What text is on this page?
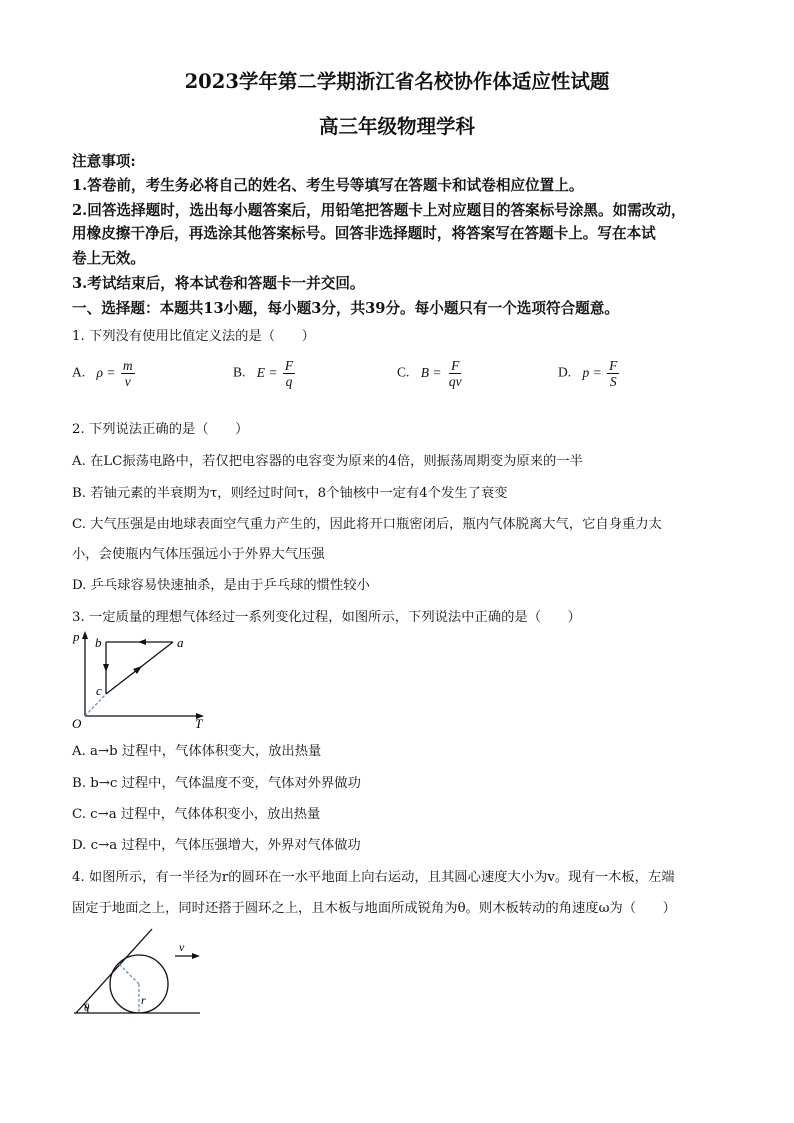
2023学年第二学期浙江省名校协作体适应性试题
高三年级物理学科
注意事项:
1.答卷前，考生务必将自己的姓名、考生号等填写在答题卡和试卷相应位置上。
2.回答选择题时，选出每小题答案后，用铅笔把答题卡上对应题目的答案标号涂黑。如需改动，
用橡皮擦干净后，再选涂其他答案标号。回答非选择题时，将答案写在答题卡上。写在本试
卷上无效。
3.考试结束后，将本试卷和答题卡一并交回。
一、选择题：本题共13小题，每小题3分，共39分。每小题只有一个选项符合题意。
1. 下列没有使用比值定义法的是（　　）
A. $\rho = \frac{m}{v}$	B. $E = \frac{F}{q}$	C. $B = \frac{F}{qv}$	D. $p = \frac{F}{S}$
2. 下列说法正确的是（　　）
A. 在LC振荡电路中，若仅把电容器的电容变为原来的4倍，则振荡周期变为原来的一半
B. 若铀元素的半衰期为τ，则经过时间τ，8个铀核中一定有4个发生了衰变
C. 大气压强是由地球表面空气重力产生的，因此将开口瓶密闭后，瓶内气体脱离大气，它自身重力太
小，会使瓶内气体压强远小于外界大气压强
D. 乒乓球容易快速抽杀，是由于乒乓球的惯性较小
3. 一定质量的理想气体经过一系列变化过程，如图所示，下列说法中正确的是（　　）
p
T
O
a
b
c
A. a→b 过程中，气体体积变大，放出热量
B. b→c 过程中，气体温度不变，气体对外界做功
C. c→a 过程中，气体体积变小，放出热量
D. c→a 过程中，气体压强增大，外界对气体做功
4. 如图所示，有一半径为r的圆环在一水平地面上向右运动，且其圆心速度大小为v。现有一木板，左端
固定于地面之上，同时还搭于圆环之上，且木板与地面所成锐角为θ。则木板转动的角速度ω为（　　）
v
r
θ
